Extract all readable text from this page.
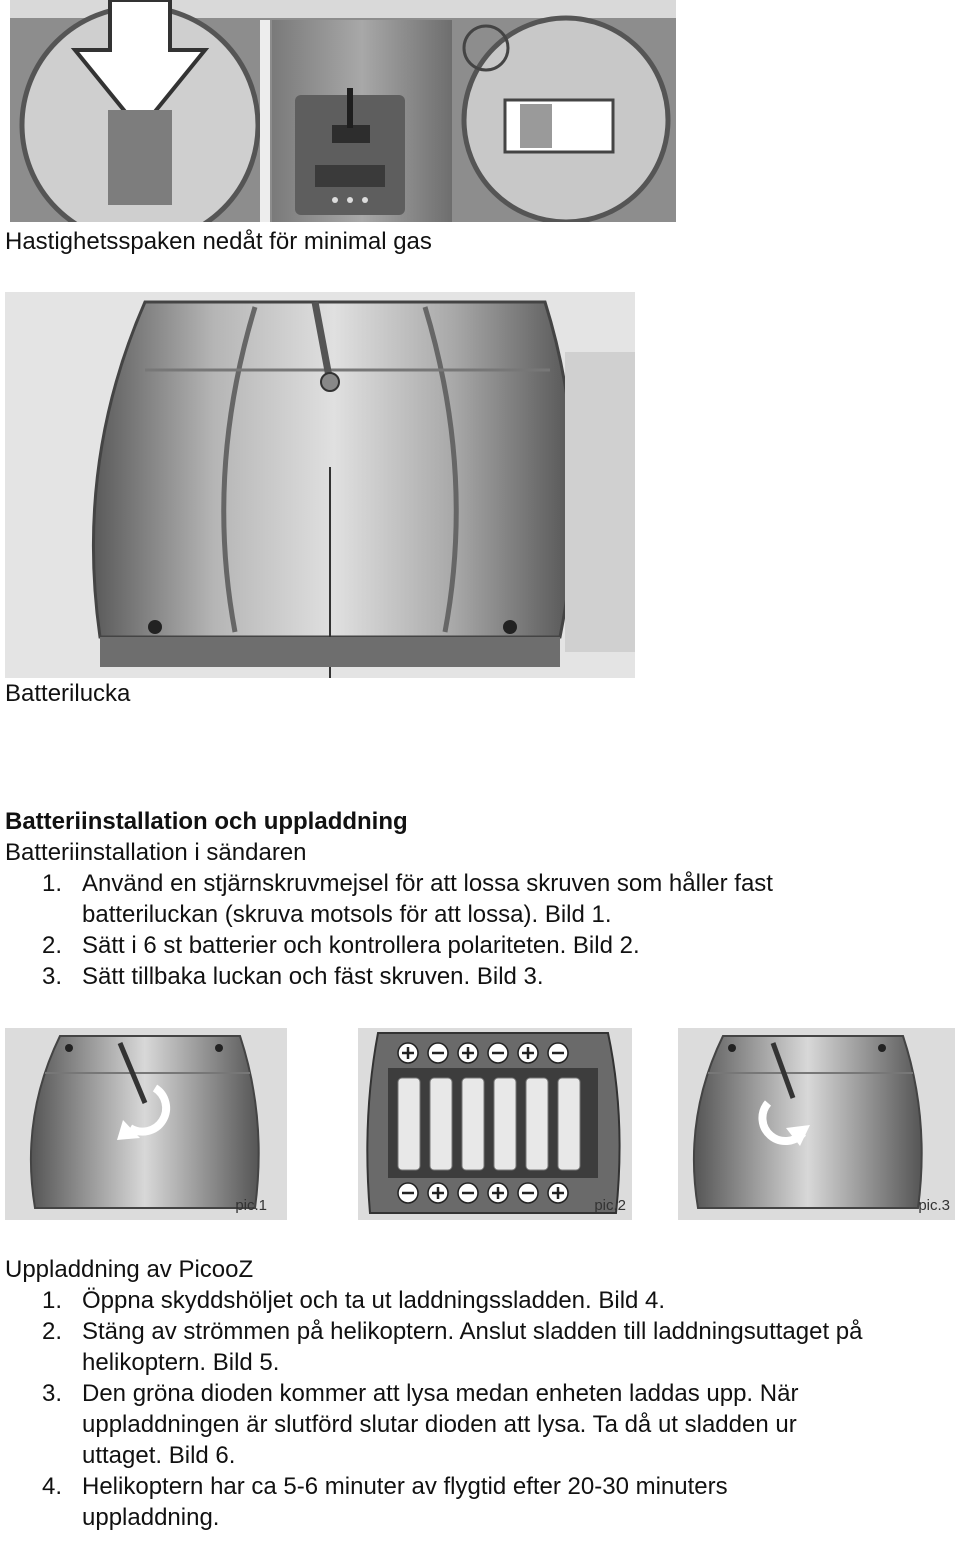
Hastighetsspaken nedåt för minimal gas
Batterilucka
Batteriinstallation och uppladdning
Batteriinstallation i sändaren
1. Använd en stjärnskruvmejsel för att lossa skruven som håller fast batteriluckan (skruva motsols för att lossa). Bild 1.
2. Sätt i 6 st batterier och kontrollera polariteten. Bild 2.
3. Sätt tillbaka luckan och fäst skruven. Bild 3.
pic.1	pic.2	pic.3
Uppladdning av PicooZ
1. Öppna skyddshöljet och ta ut laddningssladden. Bild 4.
2. Stäng av strömmen på helikoptern. Anslut sladden till laddningsuttaget på helikoptern. Bild 5.
3. Den gröna dioden kommer att lysa medan enheten laddas upp. När uppladdningen är slutförd slutar dioden att lysa. Ta då ut sladden ur uttaget. Bild 6.
4. Helikoptern har ca 5-6 minuter av flygtid efter 20-30 minuters uppladdning.
